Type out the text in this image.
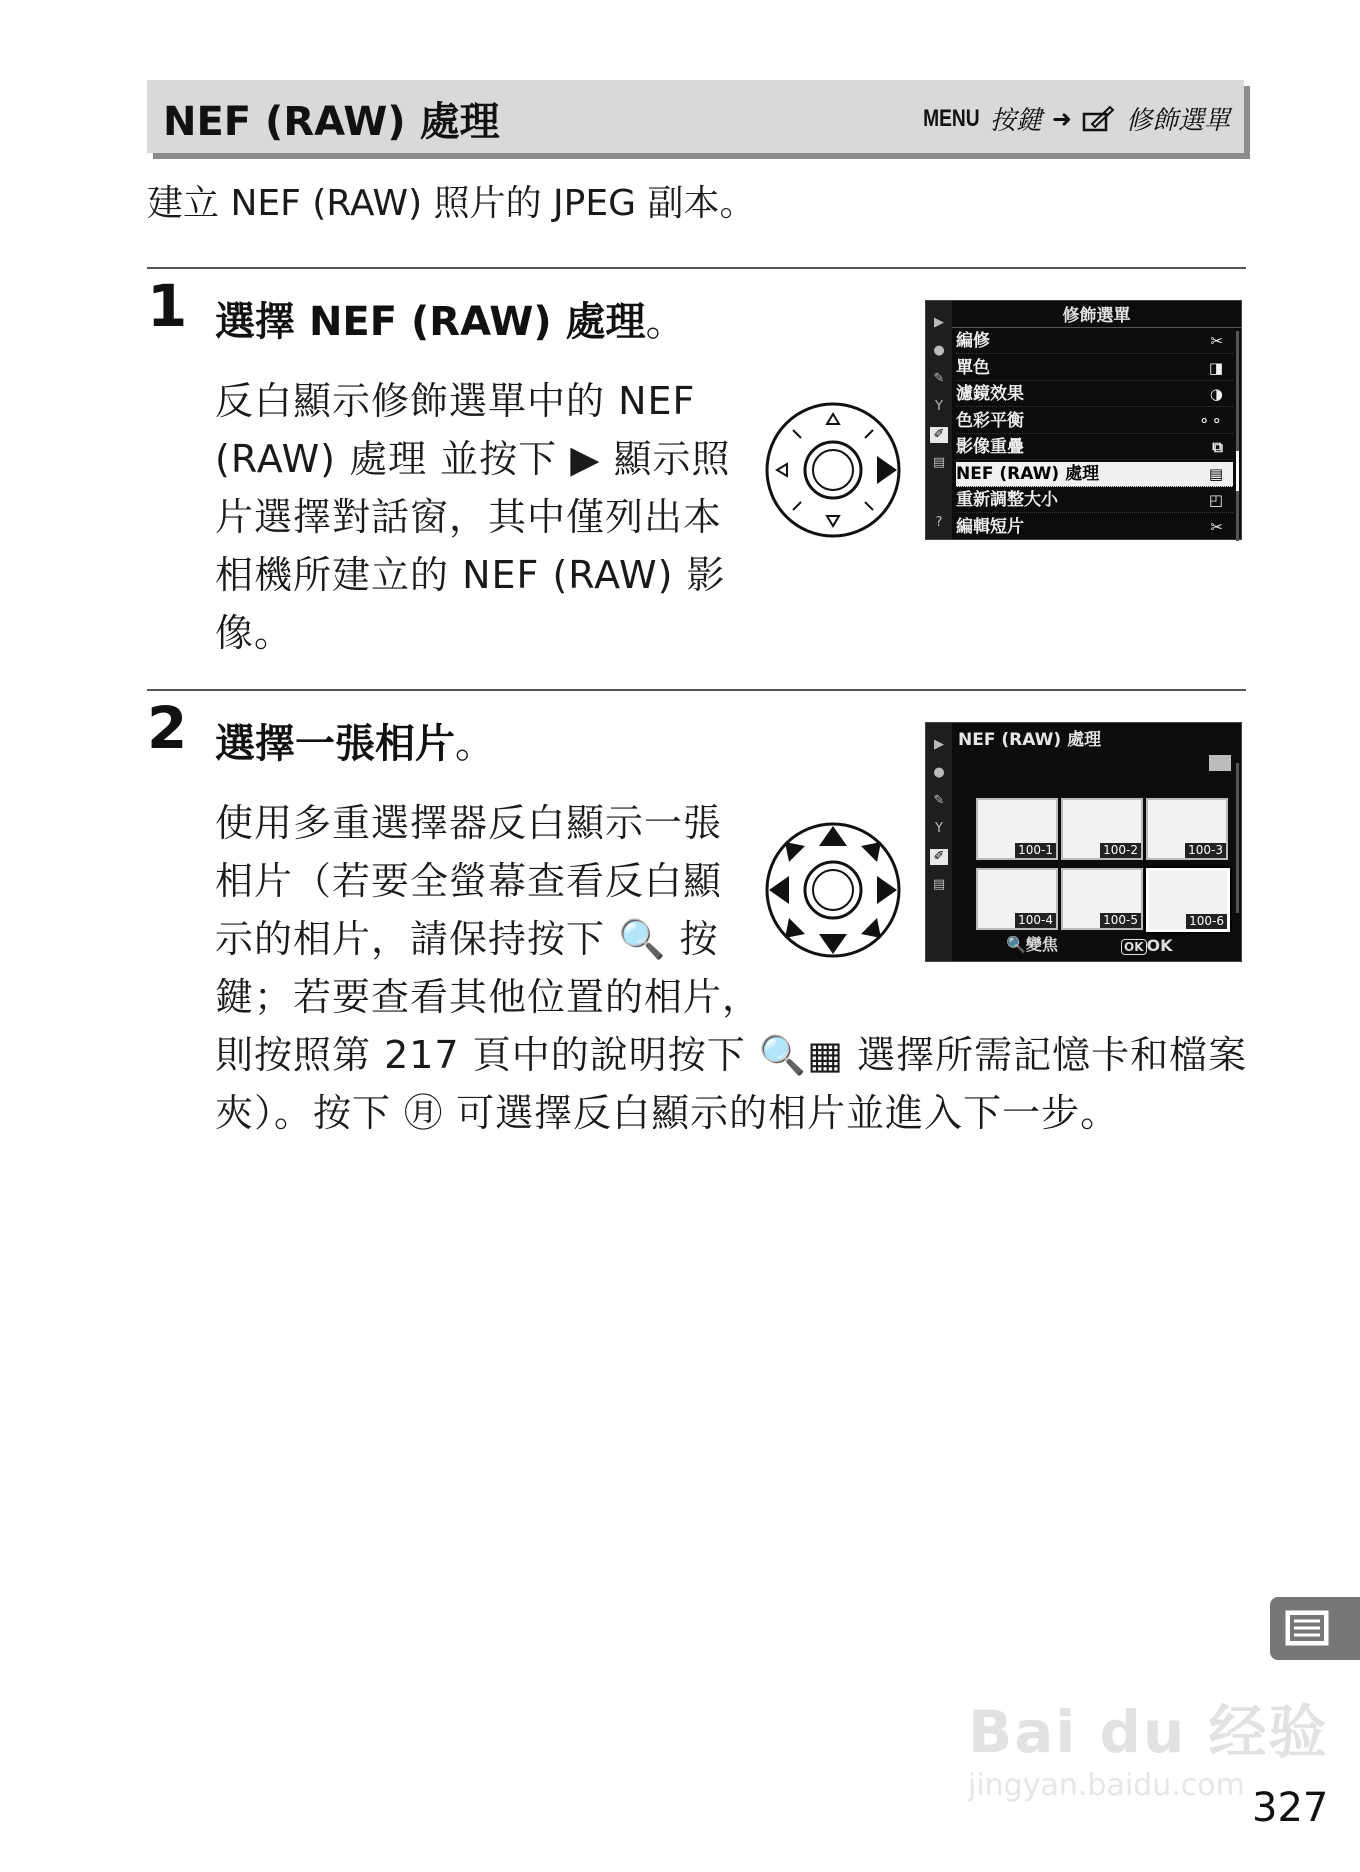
NEF (RAW) 處理	MENU 按鍵 ➜ 修飾選單
建立 NEF (RAW) 照片的 JPEG 副本。
1 選擇 NEF (RAW) 處理。
反白顯示修飾選單中的 NEF
(RAW) 處理 並按下 ▶ 顯示照
片選擇對話窗，其中僅列出本
相機所建立的 NEF (RAW) 影
像。
▶
●
✎
Y
✐
▤
?
修飾選單
編修	✂
單色	◨
濾鏡效果	◑
色彩平衡	⚬⚬
影像重疊	⧉
NEF (RAW) 處理	▤
重新調整大小	◰
編輯短片	✂
2 選擇一張相片。
使用多重選擇器反白顯示一張
相片（若要全螢幕查看反白顯
示的相片，請保持按下 🔍 按
鍵；若要查看其他位置的相片，
則按照第 217 頁中的說明按下 🔍▦ 選擇所需記憶卡和檔案
夾）。按下 ㊊ 可選擇反白顯示的相片並進入下一步。
▶
●
✎
Y
✐
▤
NEF (RAW) 處理
100-1	100-2	100-3
100-4	100-5	100-6
🔍變焦	OK OK
Bai du 经验
jingyan.baidu.com 327
